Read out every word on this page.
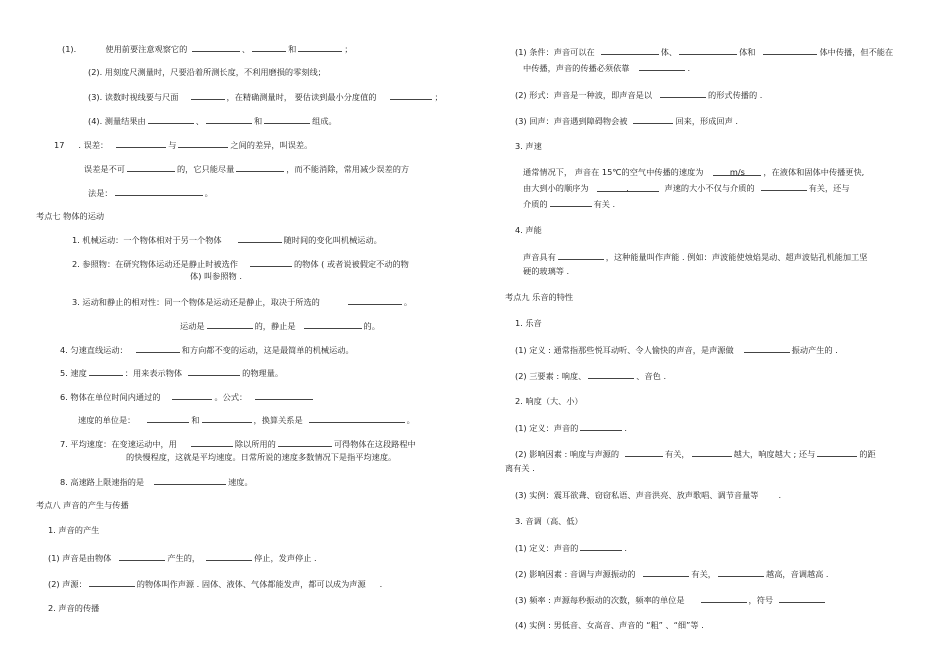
(1).	使用前要注意观察它的	、	和	；
(2). 用刻度尺测量时，尺要沿着所测长度，不利用磨损的零刻线；
(3). 读数时视线要与尺面	，在精确测量时， 要估读到最小分度值的	；
(4). 测量结果由	、	和	组成。
17 . 误差：	与	之间的差异，叫误差。
误差是不可	的，它只能尽量	，而不能消除，常用减少误差的方
法是：	。
考点七 物体的运动
1. 机械运动：一个物体相对于另一个物体	随时间的变化叫机械运动。
2. 参照物：在研究物体运动还是静止时被选作	的物体 ( 或者说被假定不动的物
体) 叫参照物 .
3. 运动和静止的相对性：同一个物体是运动还是静止，取决于所选的	。
运动是	的，静止是	的。
4. 匀速直线运动：	和方向都不变的运动，这是最简单的机械运动。
5. 速度	：用来表示物体	的物理量。
6. 物体在单位时间内通过的	。公式：
速度的单位是：	和	，换算关系是	。
7. 平均速度：在变速运动中，用	除以所用的	可得物体在这段路程中
的快慢程度，这就是平均速度。日常所说的速度多数情况下是指平均速度。
8. 高速路上限速指的是	速度。
考点八 声音的产生与传播
1. 声音的产生
(1) 声音是由物体	产生的，	停止，发声停止 .
(2) 声源：	的物体叫作声源 . 固体、液体、气体都能发声，都可以成为声源 .
2. 声音的传播
(1) 条件：声音可以在	体、	体和	体中传播，但不能在
中传播，声音的传播必须依靠	.
(2) 形式：声音是一种波，即声音是以	的形式传播的 .
(3) 回声：声音遇到障碍物会被	回来，形成回声 .
3. 声速
通常情况下， 声音在 15℃的空气中传播的速度为	m/s ，在液体和固体中传播更快,
由大到小的顺序为	.	声速的大小不仅与介质的	有关，还与
介质的	有关 .
4. 声能
声音具有	，这种能量叫作声能 . 例如：声波能使烛焰晃动、超声波钻孔机能加工坚
硬的玻璃等 .
考点九 乐音的特性
1. 乐音
(1) 定义 : 通常指那些悦耳动听、令人愉快的声音，是声源做	振动产生的 .
(2) 三要素 : 响度、	、音色 .
2. 响度（大、小）
(1) 定义：声音的	.
(2) 影响因素 : 响度与声源的	有关，	越大，响度越大 ; 还与	的距
离有关 .
(3) 实例：震耳欲聋、窃窃私语、声音洪亮、放声歌唱、调节音量等 .
3. 音调（高、低）
(1) 定义：声音的	.
(2) 影响因素 : 音调与声源振动的	有关，	越高，音调越高 .
(3) 频率 : 声源每秒振动的次数，频率的单位是	，符号
(4) 实例 : 男低音、女高音、声音的 “粗” 、“细”等 .
